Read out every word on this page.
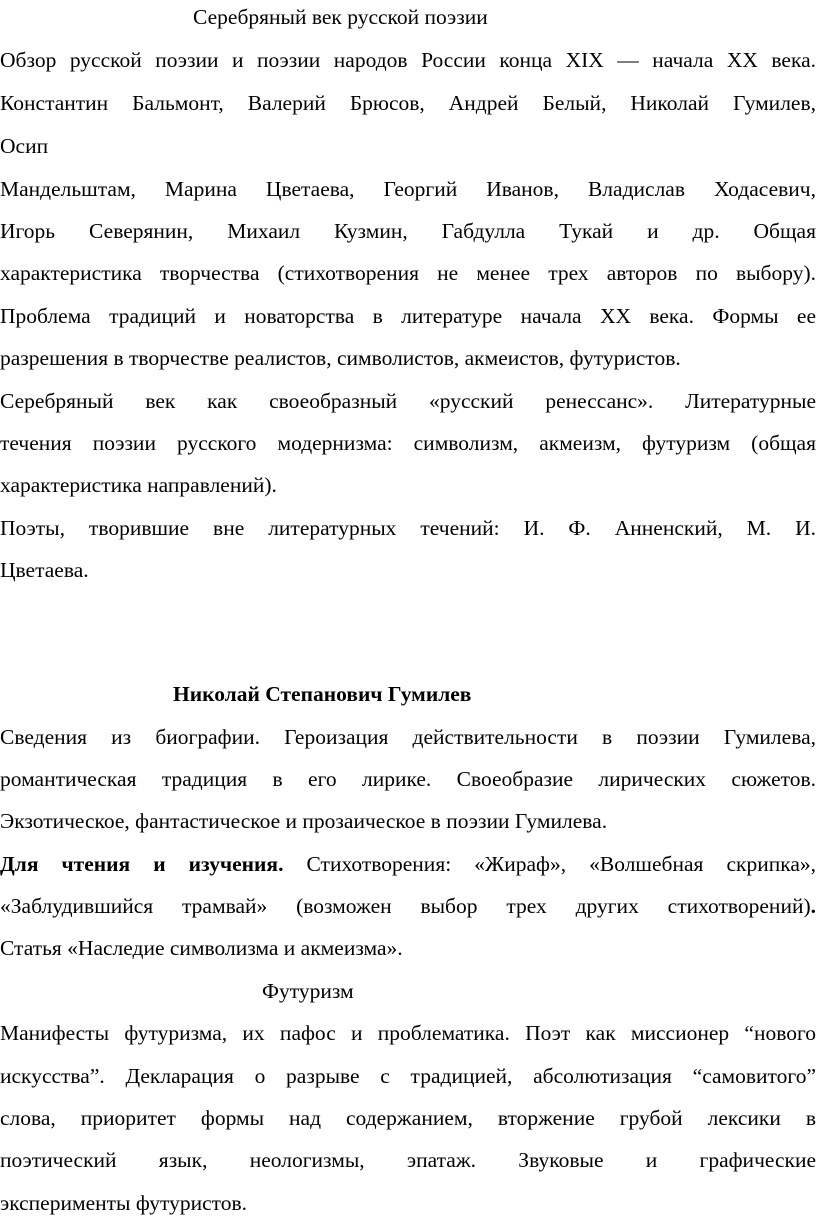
Серебряный век русской поэзии
Обзор русской поэзии и поэзии народов России конца XIX — начала XX века.
Константин Бальмонт, Валерий Брюсов, Андрей Белый, Николай Гумилев,
Осип
Мандельштам, Марина Цветаева, Георгий Иванов, Владислав Ходасевич,
Игорь Северянин, Михаил Кузмин, Габдулла Тукай и др. Общая
характеристика творчества (стихотворения не менее трех авторов по выбору).
Проблема традиций и новаторства в литературе начала XX века. Формы ее
разрешения в творчестве реалистов, символистов, акмеистов, футуристов.
Серебряный век как своеобразный «русский ренессанс». Литературные
течения поэзии русского модернизма: символизм, акмеизм, футуризм (общая
характеристика направлений).
Поэты, творившие вне литературных течений: И. Ф. Анненский, М. И.
Цветаева.
Николай Степанович Гумилев
Сведения из биографии. Героизация действительности в поэзии Гумилева,
романтическая традиция в его лирике. Своеобразие лирических сюжетов.
Экзотическое, фантастическое и прозаическое в поэзии Гумилева.
Для чтения и изучения. Стихотворения: «Жираф», «Волшебная скрипка»,
«Заблудившийся трамвай» (возможен выбор трех других стихотворений).
Статья «Наследие символизма и акмеизма».
Футуризм
Манифесты футуризма, их пафос и проблематика. Поэт как миссионер “нового
искусства”. Декларация о разрыве с традицией, абсолютизация “самовитого”
слова, приоритет формы над содержанием, вторжение грубой лексики в
поэтический язык, неологизмы, эпатаж. Звуковые и графические
эксперименты футуристов.
